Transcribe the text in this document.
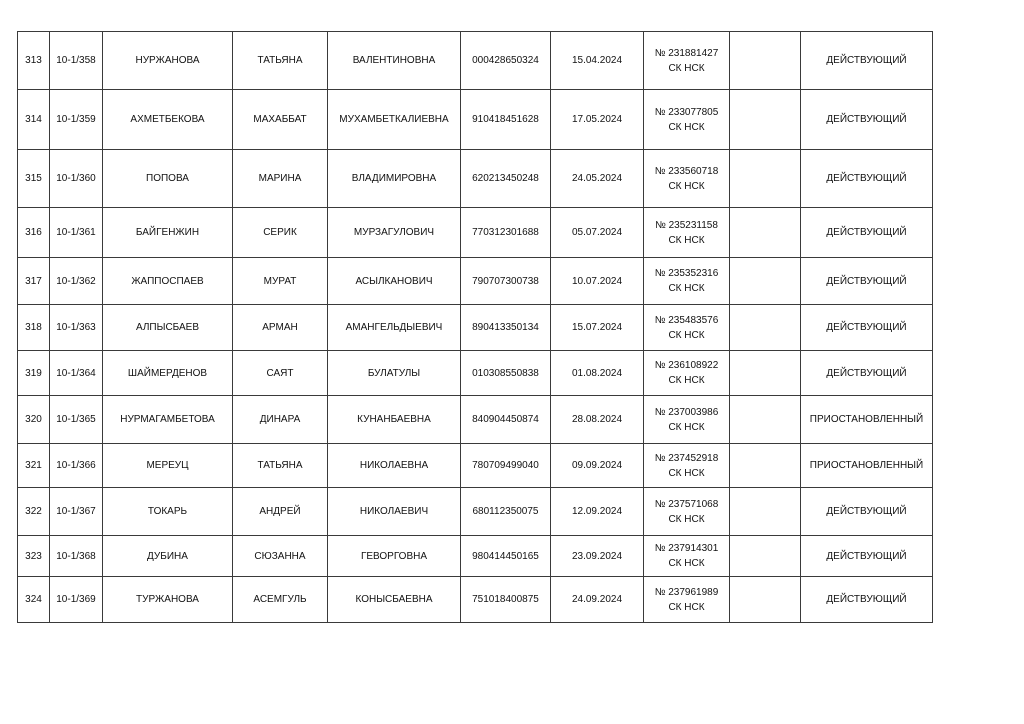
313	10-1/358	НУРЖАНОВА	ТАТЬЯНА	ВАЛЕНТИНОВНА	000428650324	15.04.2024	№ 231881427
СК НСК		ДЕЙСТВУЮЩИЙ
314	10-1/359	АХМЕТБЕКОВА	МАХАББАТ	МУХАМБЕТКАЛИЕВНА	910418451628	17.05.2024	№ 233077805
СК НСК		ДЕЙСТВУЮЩИЙ
315	10-1/360	ПОПОВА	МАРИНА	ВЛАДИМИРОВНА	620213450248	24.05.2024	№ 233560718
СК НСК		ДЕЙСТВУЮЩИЙ
316	10-1/361	БАЙГЕНЖИН	СЕРИК	МУРЗАГУЛОВИЧ	770312301688	05.07.2024	№ 235231158
СК НСК		ДЕЙСТВУЮЩИЙ
317	10-1/362	ЖАППОСПАЕВ	МУРАТ	АСЫЛКАНОВИЧ	790707300738	10.07.2024	№ 235352316
СК НСК		ДЕЙСТВУЮЩИЙ
318	10-1/363	АЛПЫСБАЕВ	АРМАН	АМАНГЕЛЬДЫЕВИЧ	890413350134	15.07.2024	№ 235483576
СК НСК		ДЕЙСТВУЮЩИЙ
319	10-1/364	ШАЙМЕРДЕНОВ	САЯТ	БУЛАТУЛЫ	010308550838	01.08.2024	№ 236108922
СК НСК		ДЕЙСТВУЮЩИЙ
320	10-1/365	НУРМАГАМБЕТОВА	ДИНАРА	КУНАНБАЕВНА	840904450874	28.08.2024	№ 237003986
СК НСК		ПРИОСТАНОВЛЕННЫЙ
321	10-1/366	МЕРЕУЦ	ТАТЬЯНА	НИКОЛАЕВНА	780709499040	09.09.2024	№ 237452918
СК НСК		ПРИОСТАНОВЛЕННЫЙ
322	10-1/367	ТОКАРЬ	АНДРЕЙ	НИКОЛАЕВИЧ	680112350075	12.09.2024	№ 237571068
СК НСК		ДЕЙСТВУЮЩИЙ
323	10-1/368	ДУБИНА	СЮЗАННА	ГЕВОРГОВНА	980414450165	23.09.2024	№ 237914301
СК НСК		ДЕЙСТВУЮЩИЙ
324	10-1/369	ТУРЖАНОВА	АСЕМГУЛЬ	КОНЫСБАЕВНА	751018400875	24.09.2024	№ 237961989
СК НСК		ДЕЙСТВУЮЩИЙ
